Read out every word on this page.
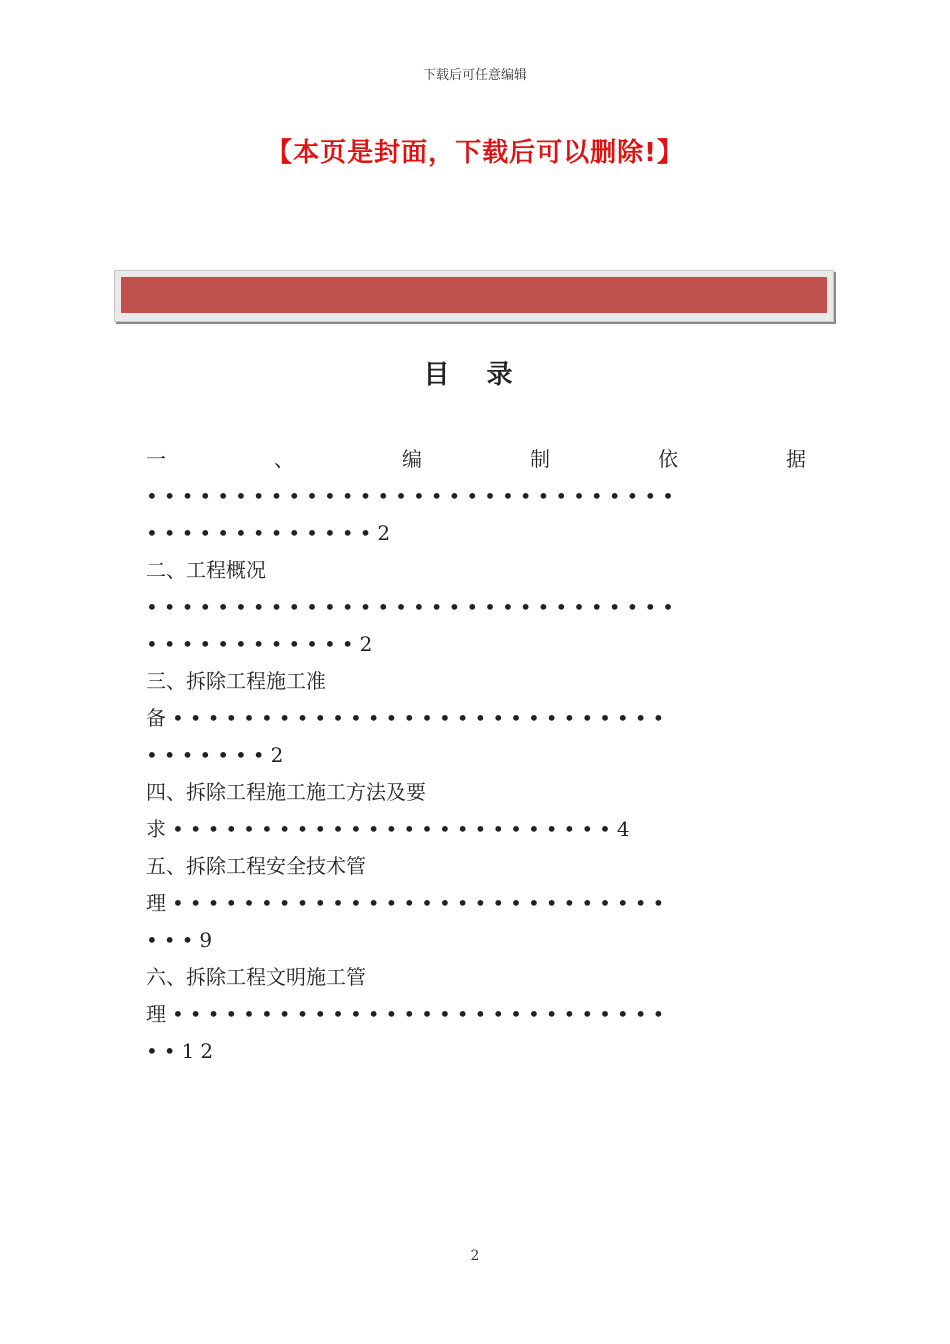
下载后可任意编辑
【本页是封面，下载后可以删除!】
目 录
一	、	编	制	依	据
••••••••••••••••••••••••••••••
•••••••••••••2
二、工程概况
••••••••••••••••••••••••••••••
••••••••••••2
三、拆除工程施工准
备••••••••••••••••••••••••••••
•••••••2
四、拆除工程施工施工方法及要
求•••••••••••••••••••••••••4
五、拆除工程安全技术管
理••••••••••••••••••••••••••••
•••9
六、拆除工程文明施工管
理••••••••••••••••••••••••••••
••12
2
